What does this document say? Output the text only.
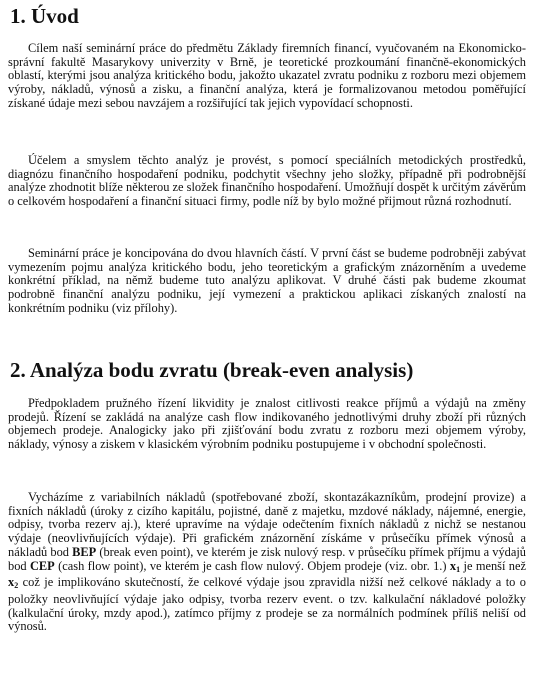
1. Úvod

Cílem naší seminární práce do předmětu Základy firemních financí, vyučovaném na Ekonomicko-správní fakultě Masarykovy univerzity v Brně, je teoretické prozkoumání finančně-ekonomických oblastí, kterými jsou analýza kritického bodu, jakožto ukazatel zvratu podniku z rozboru mezi objemem výroby, nákladů, výnosů a zisku, a finanční analýza, která je formalizovanou metodou poměřující získané údaje mezi sebou navzájem a rozšiřující tak jejich vypovídací schopnosti.

Účelem a smyslem těchto analýz je provést, s pomocí speciálních metodických prostředků, diagnózu finančního hospodaření podniku, podchytit všechny jeho složky, případně při podrobnější analýze zhodnotit blíže některou ze složek finančního hospodaření. Umožňují dospět k určitým závěrům o celkovém hospodaření a finanční situaci firmy, podle níž by bylo možné přijmout různá rozhodnutí.

Seminární práce je koncipována do dvou hlavních částí. V první část se budeme podrobněji zabývat vymezením pojmu analýza kritického bodu, jeho teoretickým a grafickým znázorněním a uvedeme konkrétní příklad, na němž budeme tuto analýzu aplikovat. V druhé části pak budeme zkoumat podrobně finanční analýzu podniku, její vymezení a praktickou aplikaci získaných znalostí na konkrétním podniku (viz přílohy).

2. Analýza bodu zvratu (break-even analysis)

Předpokladem pružného řízení likvidity je znalost citlivosti reakce příjmů a výdajů na změny prodejů. Řízení se zakládá na analýze cash flow indikovaného jednotlivými druhy zboží při různých objemech prodeje. Analogicky jako při zjišťování bodu zvratu z rozboru mezi objemem výroby, náklady, výnosy a ziskem v klasickém výrobním podniku postupujeme i v obchodní společnosti.

Vycházíme z variabilních nákladů (spotřebované zboží, skontazákazníkům, prodejní provize) a fixních nákladů (úroky z cizího kapitálu, pojistné, daně z majetku, mzdové náklady, nájemné, energie, odpisy, tvorba rezerv aj.), které upravíme na výdaje odečtením fixních nákladů z nichž se nestanou výdaje (neovlivňujících výdaje). Při grafickém znázornění získáme v průsečíku přímek výnosů a nákladů bod BEP (break even point), ve kterém je zisk nulový resp. v průsečíku přímek příjmu a výdajů bod CEP (cash flow point), ve kterém je cash flow nulový. Objem prodeje (viz. obr. 1.) $x_1$ je menší než $x_2$ což je implikováno skutečností, že celkové výdaje jsou zpravidla nižší než celkové náklady a to o položky neovlivňující výdaje jako odpisy, tvorba rezerv event. o tzv. kalkulační nákladové položky (kalkulační úroky, mzdy apod.), zatímco příjmy z prodeje se za normálních podmínek příliš neliší od výnosů.
